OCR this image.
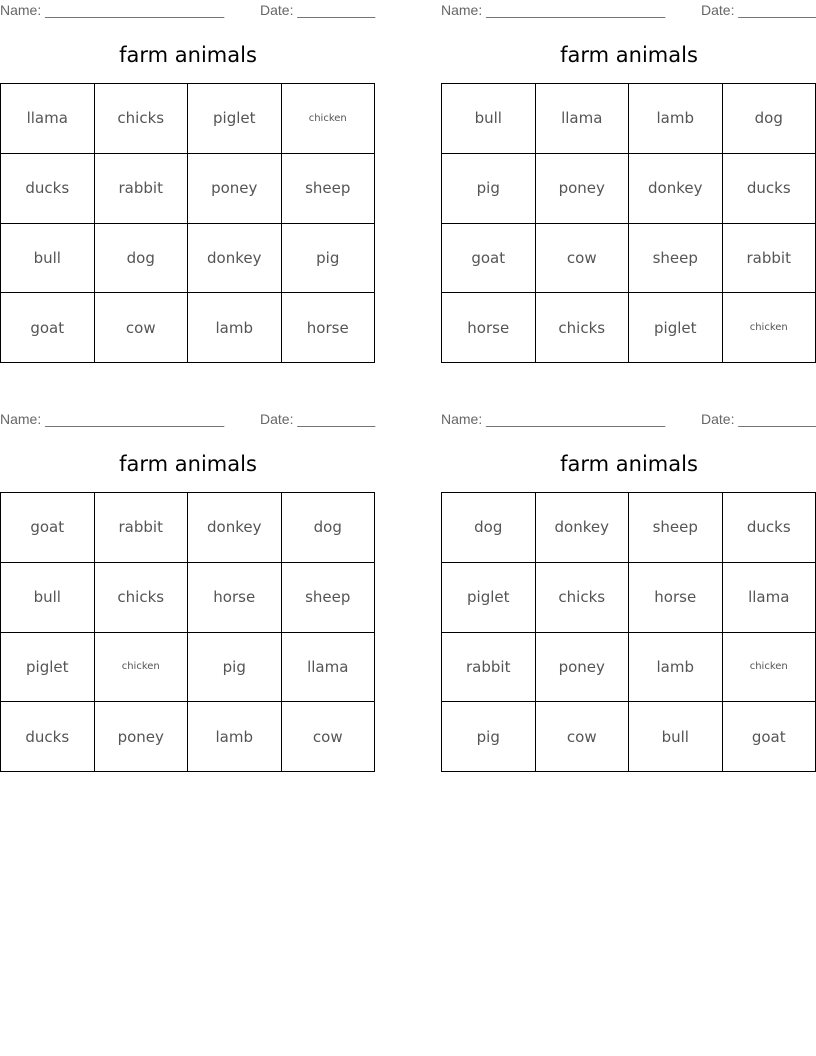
Name: _______________________	Date: __________
farm animals
llama	chicks	piglet	chicken
ducks	rabbit	poney	sheep
bull	dog	donkey	pig
goat	cow	lamb	horse
Name: _______________________	Date: __________
farm animals
bull	llama	lamb	dog
pig	poney	donkey	ducks
goat	cow	sheep	rabbit
horse	chicks	piglet	chicken
Name: _______________________	Date: __________
farm animals
goat	rabbit	donkey	dog
bull	chicks	horse	sheep
piglet	chicken	pig	llama
ducks	poney	lamb	cow
Name: _______________________	Date: __________
farm animals
dog	donkey	sheep	ducks
piglet	chicks	horse	llama
rabbit	poney	lamb	chicken
pig	cow	bull	goat
